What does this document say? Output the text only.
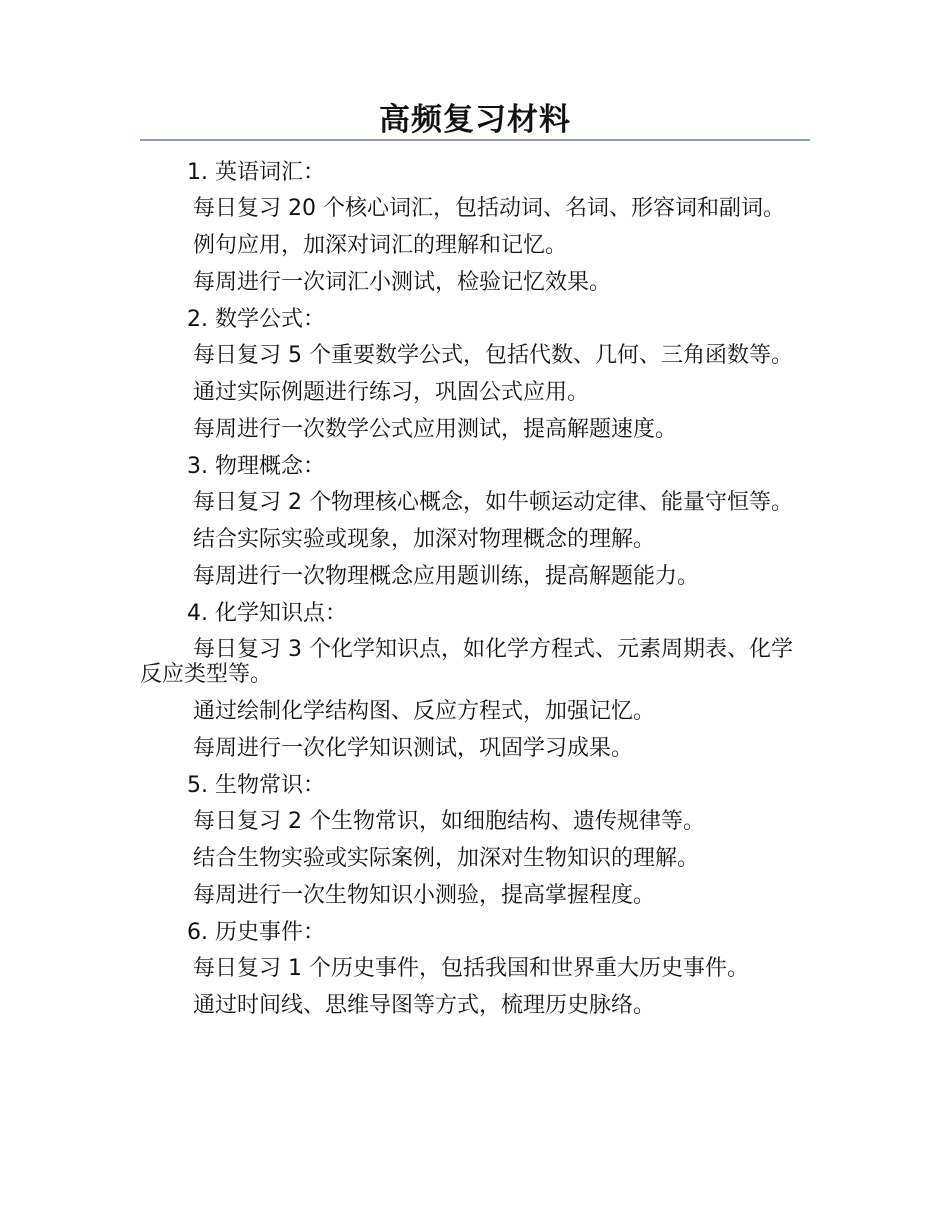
高频复习材料
1. 英语词汇：

每日复习 20 个核心词汇，包括动词、名词、形容词和副词。

例句应用，加深对词汇的理解和记忆。

每周进行一次词汇小测试，检验记忆效果。

2. 数学公式：

每日复习 5 个重要数学公式，包括代数、几何、三角函数等。

通过实际例题进行练习，巩固公式应用。

每周进行一次数学公式应用测试，提高解题速度。

3. 物理概念：

每日复习 2 个物理核心概念，如牛顿运动定律、能量守恒等。

结合实际实验或现象，加深对物理概念的理解。

每周进行一次物理概念应用题训练，提高解题能力。

4. 化学知识点：

每日复习 3 个化学知识点，如化学方程式、元素周期表、化学反应类型等。

通过绘制化学结构图、反应方程式，加强记忆。

每周进行一次化学知识测试，巩固学习成果。

5. 生物常识：

每日复习 2 个生物常识，如细胞结构、遗传规律等。

结合生物实验或实际案例，加深对生物知识的理解。

每周进行一次生物知识小测验，提高掌握程度。

6. 历史事件：

每日复习 1 个历史事件，包括我国和世界重大历史事件。

通过时间线、思维导图等方式，梳理历史脉络。
